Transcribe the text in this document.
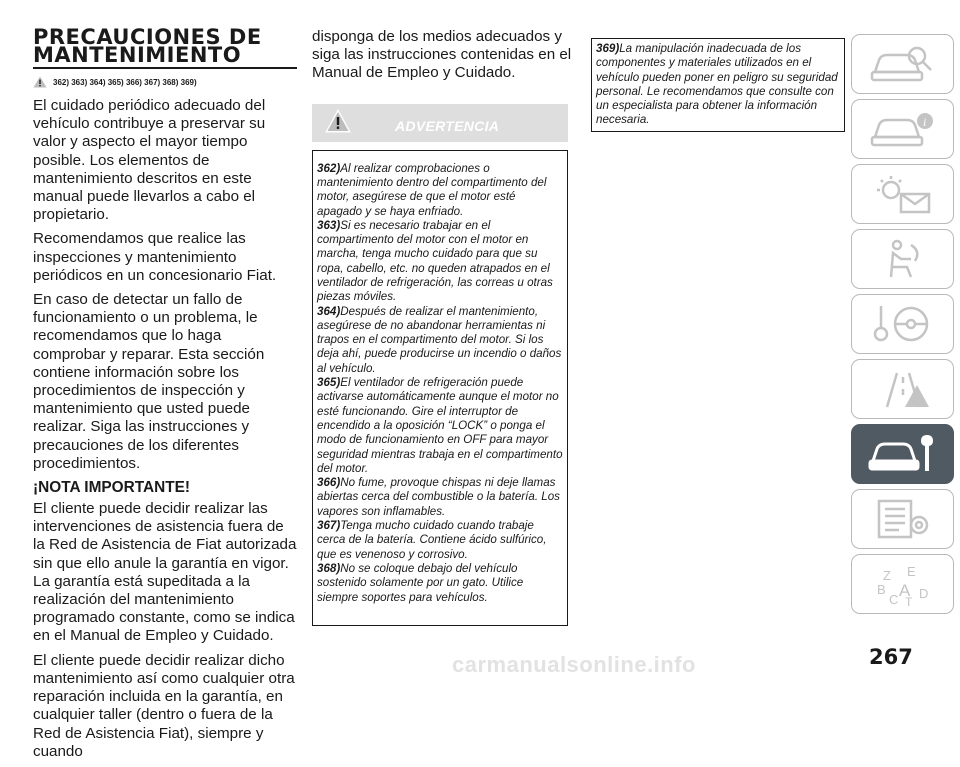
PRECAUCIONES DE MANTENIMIENTO
362) 363) 364) 365) 366) 367) 368) 369)

El cuidado periódico adecuado del vehículo contribuye a preservar su valor y aspecto el mayor tiempo posible. Los elementos de mantenimiento descritos en este manual puede llevarlos a cabo el propietario.

Recomendamos que realice las inspecciones y mantenimiento periódicos en un concesionario Fiat.

En caso de detectar un fallo de funcionamiento o un problema, le recomendamos que lo haga comprobar y reparar. Esta sección contiene información sobre los procedimientos de inspección y mantenimiento que usted puede realizar. Siga las instrucciones y precauciones de los diferentes procedimientos.

¡NOTA IMPORTANTE!

El cliente puede decidir realizar las intervenciones de asistencia fuera de la Red de Asistencia de Fiat autorizada sin que ello anule la garantía en vigor. La garantía está supeditada a la realización del mantenimiento programado constante, como se indica en el Manual de Empleo y Cuidado.

El cliente puede decidir realizar dicho mantenimiento así como cualquier otra reparación incluida en la garantía, en cualquier taller (dentro o fuera de la Red de Asistencia Fiat), siempre y cuando

disponga de los medios adecuados y siga las instrucciones contenidas en el Manual de Empleo y Cuidado.

ADVERTENCIA

362)Al realizar comprobaciones o mantenimiento dentro del compartimento del motor, asegúrese de que el motor esté apagado y se haya enfriado.

363)Si es necesario trabajar en el compartimento del motor con el motor en marcha, tenga mucho cuidado para que su ropa, cabello, etc. no queden atrapados en el ventilador de refrigeración, las correas u otras piezas móviles.

364)Después de realizar el mantenimiento, asegúrese de no abandonar herramientas ni trapos en el compartimento del motor. Si los deja ahí, puede producirse un incendio o daños al vehículo.

365)El ventilador de refrigeración puede activarse automáticamente aunque el motor no esté funcionando. Gire el interruptor de encendido a la oposición “LOCK” o ponga el modo de funcionamiento en OFF para mayor seguridad mientras trabaja en el compartimento del motor.

366)No fume, provoque chispas ni deje llamas abiertas cerca del combustible o la batería. Los vapores son inflamables.

367)Tenga mucho cuidado cuando trabaje cerca de la batería. Contiene ácido sulfúrico, que es venenoso y corrosivo.

368)No se coloque debajo del vehículo sostenido solamente por un gato. Utilice siempre soportes para vehículos.

369)La manipulación inadecuada de los componentes y materiales utilizados en el vehículo pueden poner en peligro su seguridad personal. Le recomendamos que consulte con un especialista para obtener la información necesaria.	i
Z E
B A D
C T
267
carmanualsonline.info
